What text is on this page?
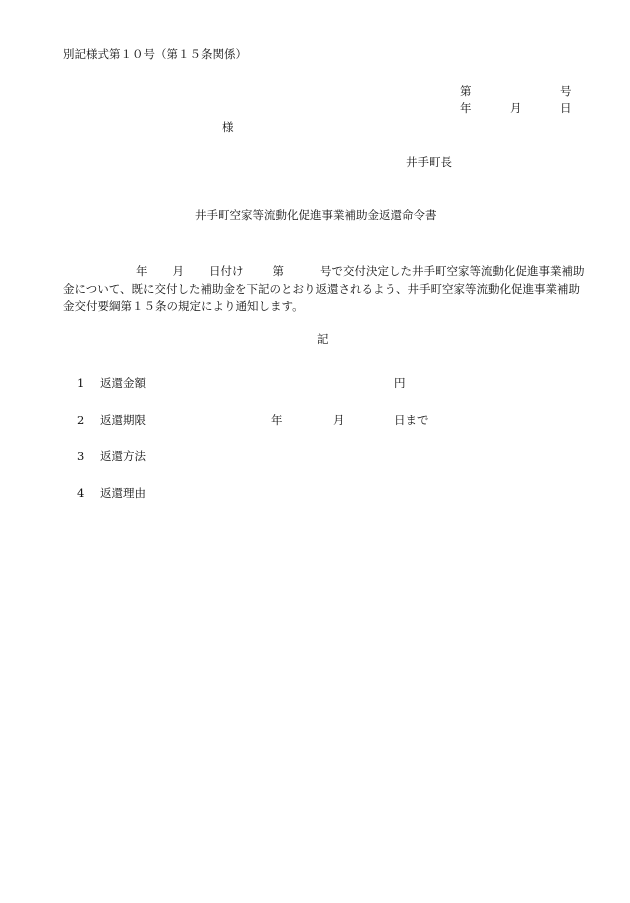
別記様式第１０号（第１５条関係）
第	号
年	月	日
様
井手町長
井手町空家等流動化促進事業補助金返還命令書
年 月 日付け	第	号で交付決定した井手町空家等流動化促進事業補助金について、既に交付した補助金を下記のとおり返還されるよう、井手町空家等流動化促進事業補助金交付要綱第１５条の規定により通知します。
記
1 返還金額	円
2 返還期限	年	月	日まで
3 返還方法
4 返還理由
